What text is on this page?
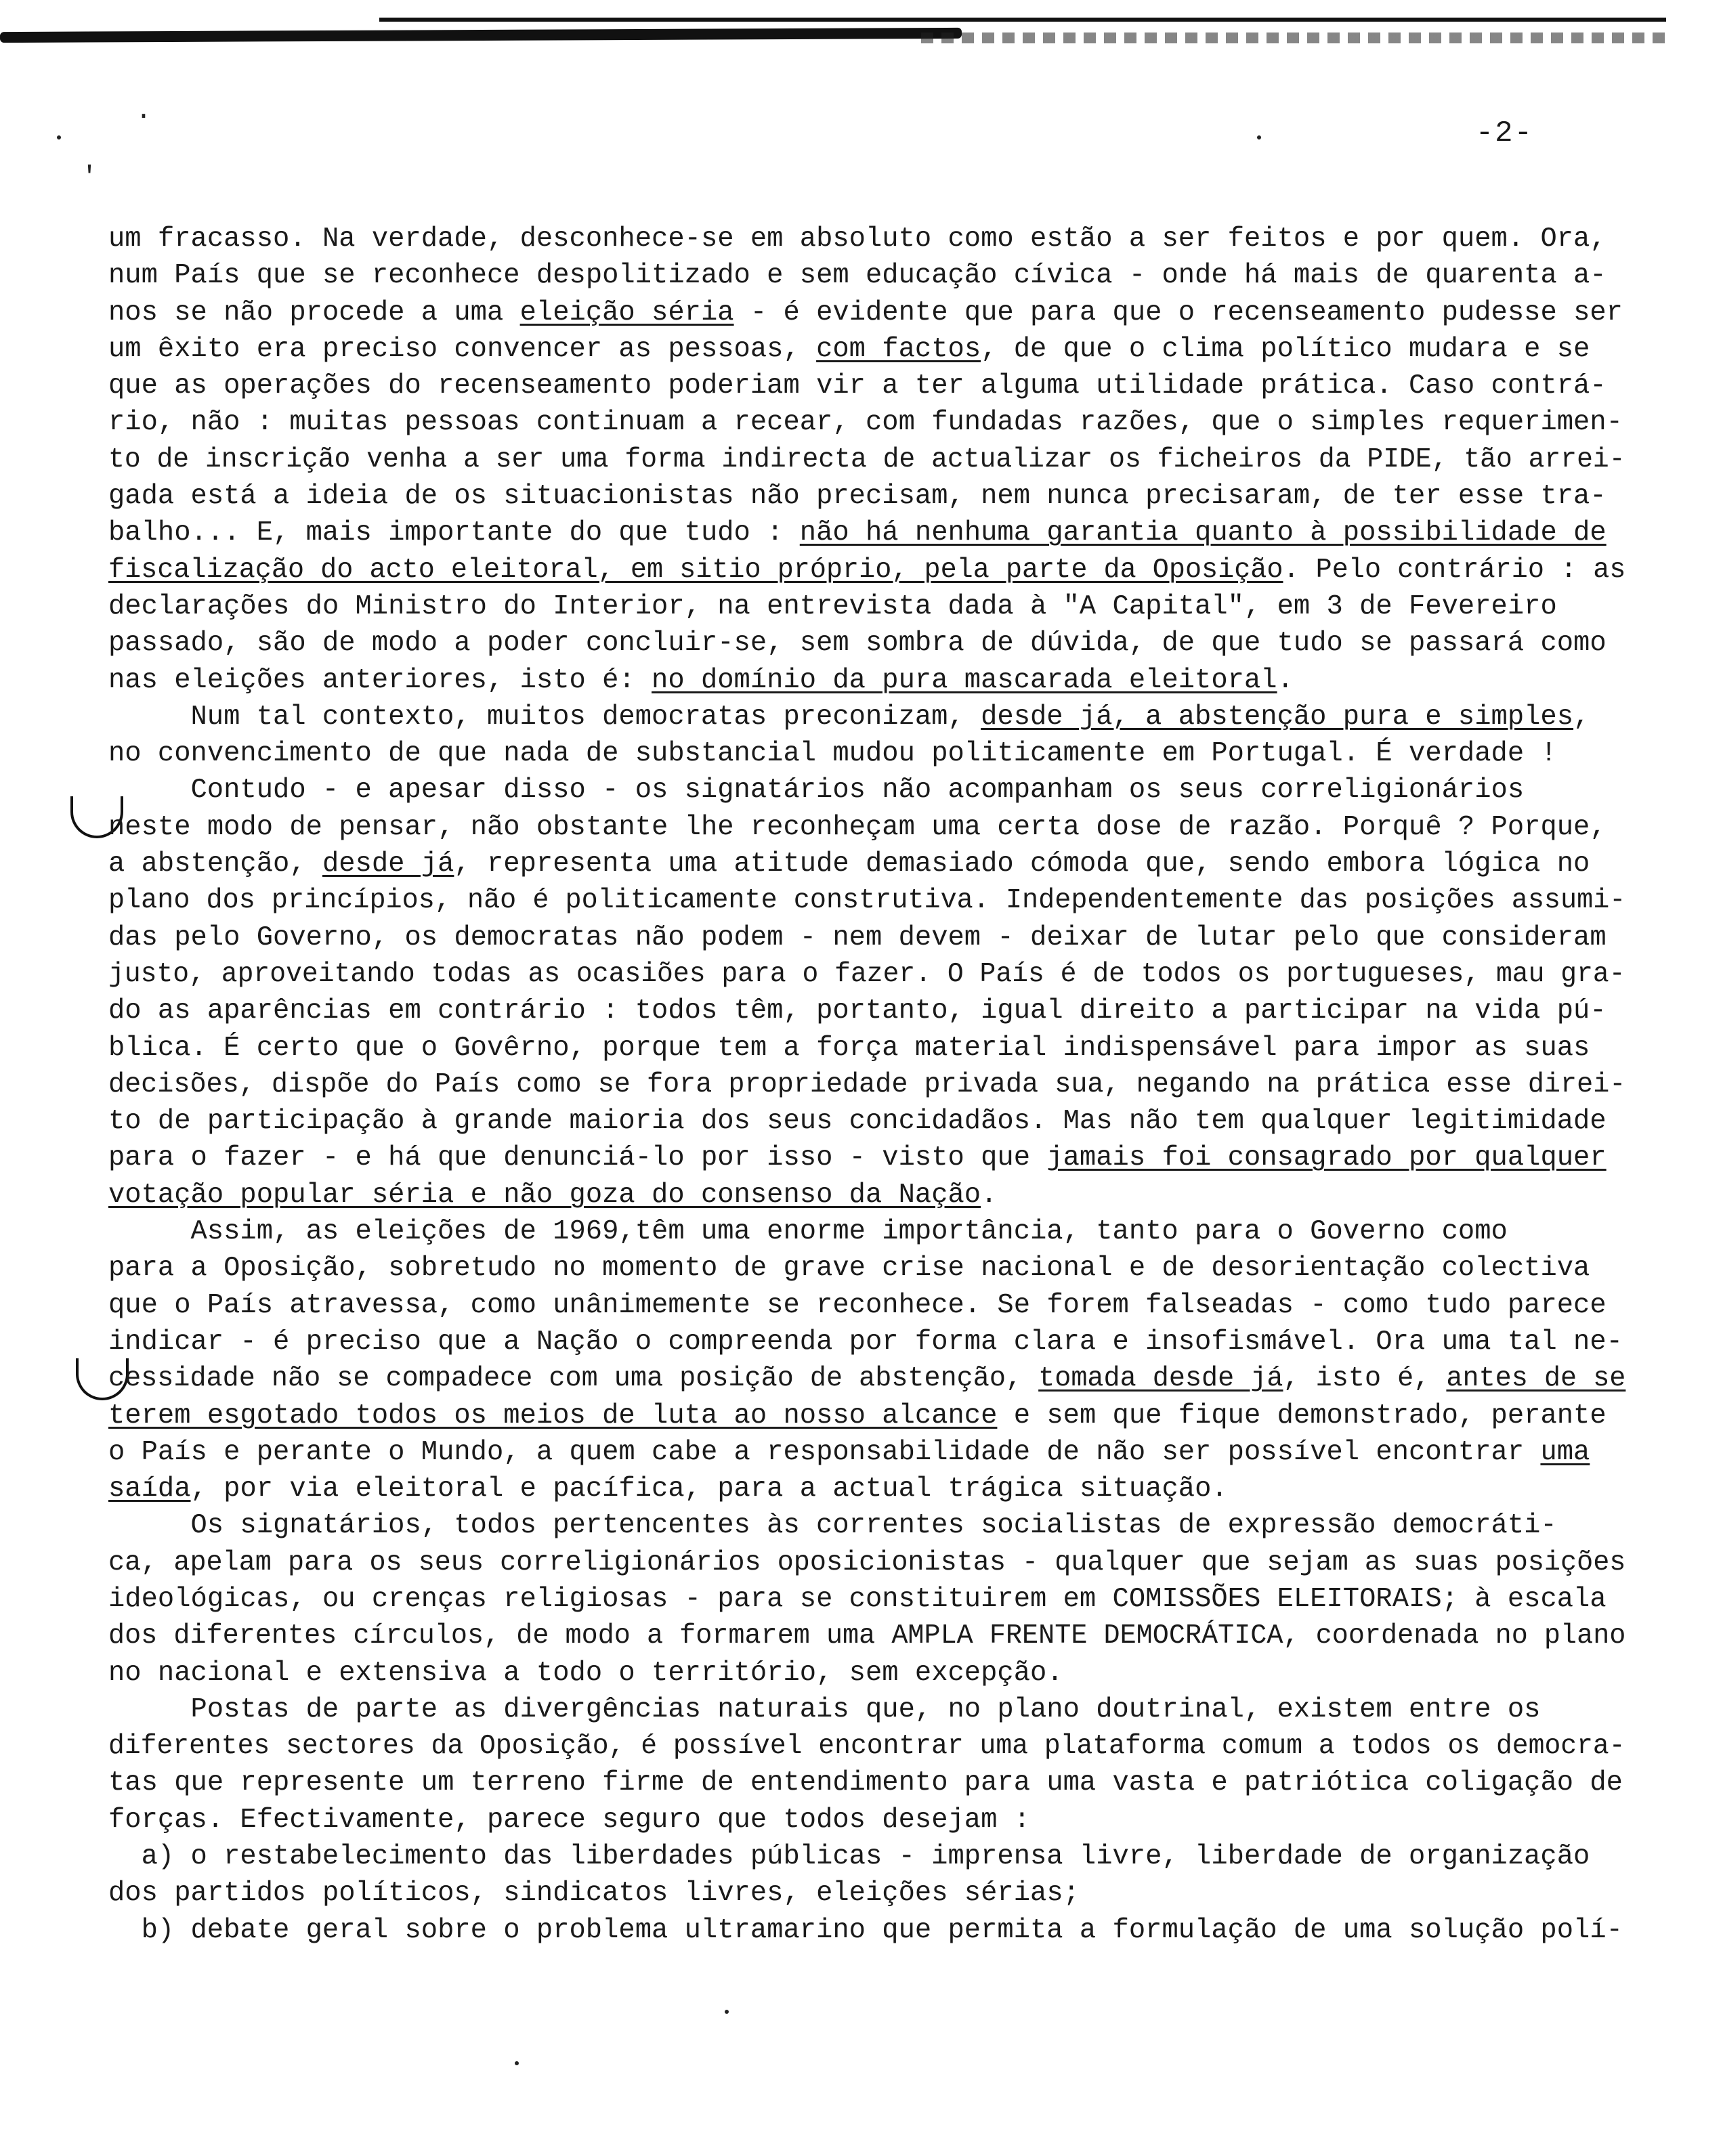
·
'
-2-
um fracasso. Na verdade, desconhece-se em absoluto como estão a ser feitos e por quem. Ora,
num País que se reconhece despolitizado e sem educação cívica - onde há mais de quarenta a-
nos se não procede a uma eleição séria - é evidente que para que o recenseamento pudesse ser
um êxito era preciso convencer as pessoas, com factos, de que o clima político mudara e se
que as operações do recenseamento poderiam vir a ter alguma utilidade prática. Caso contrá-
rio, não : muitas pessoas continuam a recear, com fundadas razões, que o simples requerimen-
to de inscrição venha a ser uma forma indirecta de actualizar os ficheiros da PIDE, tão arrei-
gada está a ideia de os situacionistas não precisam, nem nunca precisaram, de ter esse tra-
balho... E, mais importante do que tudo : não há nenhuma garantia quanto à possibilidade de
fiscalização do acto eleitoral, em sitio próprio, pela parte da Oposição. Pelo contrário : as
declarações do Ministro do Interior, na entrevista dada à "A Capital", em 3 de Fevereiro
passado, são de modo a poder concluir-se, sem sombra de dúvida, de que tudo se passará como
nas eleições anteriores, isto é: no domínio da pura mascarada eleitoral.
Num tal contexto, muitos democratas preconizam, desde já, a abstenção pura e simples,
no convencimento de que nada de substancial mudou politicamente em Portugal. É verdade !
Contudo - e apesar disso - os signatários não acompanham os seus correligionários
neste modo de pensar, não obstante lhe reconheçam uma certa dose de razão. Porquê ? Porque,
a abstenção, desde já, representa uma atitude demasiado cómoda que, sendo embora lógica no
plano dos princípios, não é politicamente construtiva. Independentemente das posições assumi-
das pelo Governo, os democratas não podem - nem devem - deixar de lutar pelo que consideram
justo, aproveitando todas as ocasiões para o fazer. O País é de todos os portugueses, mau gra-
do as aparências em contrário : todos têm, portanto, igual direito a participar na vida pú-
blica. É certo que o Govêrno, porque tem a força material indispensável para impor as suas
decisões, dispõe do País como se fora propriedade privada sua, negando na prática esse direi-
to de participação à grande maioria dos seus concidadãos. Mas não tem qualquer legitimidade
para o fazer - e há que denunciá-lo por isso - visto que jamais foi consagrado por qualquer
votação popular séria e não goza do consenso da Nação.
Assim, as eleições de 1969,têm uma enorme importância, tanto para o Governo como
para a Oposição, sobretudo no momento de grave crise nacional e de desorientação colectiva
que o País atravessa, como unânimemente se reconhece. Se forem falseadas - como tudo parece
indicar - é preciso que a Nação o compreenda por forma clara e insofismável. Ora uma tal ne-
cessidade não se compadece com uma posição de abstenção, tomada desde já, isto é, antes de se
terem esgotado todos os meios de luta ao nosso alcance e sem que fique demonstrado, perante
o País e perante o Mundo, a quem cabe a responsabilidade de não ser possível encontrar uma
saída, por via eleitoral e pacífica, para a actual trágica situação.
Os signatários, todos pertencentes às correntes socialistas de expressão democráti-
ca, apelam para os seus correligionários oposicionistas - qualquer que sejam as suas posições
ideológicas, ou crenças religiosas - para se constituirem em COMISSÕES ELEITORAIS; à escala
dos diferentes círculos, de modo a formarem uma AMPLA FRENTE DEMOCRÁTICA, coordenada no plano
no nacional e extensiva a todo o território, sem excepção.
Postas de parte as divergências naturais que, no plano doutrinal, existem entre os
diferentes sectores da Oposição, é possível encontrar uma plataforma comum a todos os democra-
tas que represente um terreno firme de entendimento para uma vasta e patriótica coligação de
forças. Efectivamente, parece seguro que todos desejam :
a) o restabelecimento das liberdades públicas - imprensa livre, liberdade de organização
dos partidos políticos, sindicatos livres, eleições sérias;
b) debate geral sobre o problema ultramarino que permita a formulação de uma solução polí-
